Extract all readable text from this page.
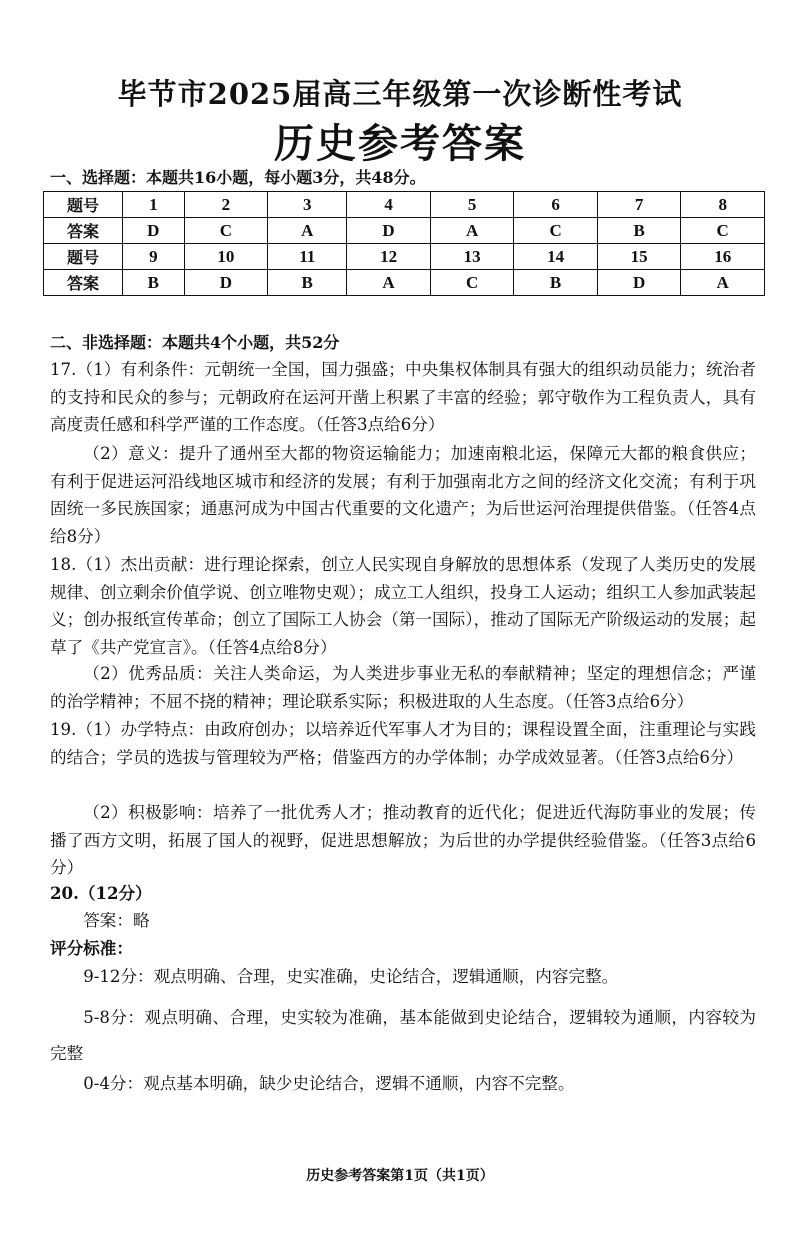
毕节市2025届高三年级第一次诊断性考试
历史参考答案
一、选择题：本题共16小题，每小题3分，共48分。
题号	1	2	3	4	5	6	7	8
答案	D	C	A	D	A	C	B	C
题号	9	10	11	12	13	14	15	16
答案	B	D	B	A	C	B	D	A
二、非选择题：本题共4个小题，共52分
17.（1）有利条件：元朝统一全国，国力强盛；中央集权体制具有强大的组织动员能力；统治者的支持和民众的参与；元朝政府在运河开凿上积累了丰富的经验；郭守敬作为工程负责人，具有高度责任感和科学严谨的工作态度。（任答3点给6分）
（2）意义：提升了通州至大都的物资运输能力；加速南粮北运，保障元大都的粮食供应；有利于促进运河沿线地区城市和经济的发展；有利于加强南北方之间的经济文化交流；有利于巩固统一多民族国家；通惠河成为中国古代重要的文化遗产；为后世运河治理提供借鉴。（任答4点给8分）
18.（1）杰出贡献：进行理论探索，创立人民实现自身解放的思想体系（发现了人类历史的发展规律、创立剩余价值学说、创立唯物史观）；成立工人组织，投身工人运动；组织工人参加武装起义；创办报纸宣传革命；创立了国际工人协会（第一国际），推动了国际无产阶级运动的发展；起草了《共产党宣言》。（任答4点给8分）
（2）优秀品质：关注人类命运，为人类进步事业无私的奉献精神；坚定的理想信念；严谨的治学精神；不屈不挠的精神；理论联系实际；积极进取的人生态度。（任答3点给6分）
19.（1）办学特点：由政府创办；以培养近代军事人才为目的；课程设置全面，注重理论与实践的结合；学员的选拔与管理较为严格；借鉴西方的办学体制；办学成效显著。（任答3点给6分）
（2）积极影响：培养了一批优秀人才；推动教育的近代化；促进近代海防事业的发展；传播了西方文明，拓展了国人的视野，促进思想解放；为后世的办学提供经验借鉴。（任答3点给6分）
20.（12分）
答案：略
评分标准：
9-12分：观点明确、合理，史实准确，史论结合，逻辑通顺，内容完整。
5-8分：观点明确、合理，史实较为准确，基本能做到史论结合，逻辑较为通顺，内容较为完整
0-4分：观点基本明确，缺少史论结合，逻辑不通顺，内容不完整。
历史参考答案第1页（共1页）
